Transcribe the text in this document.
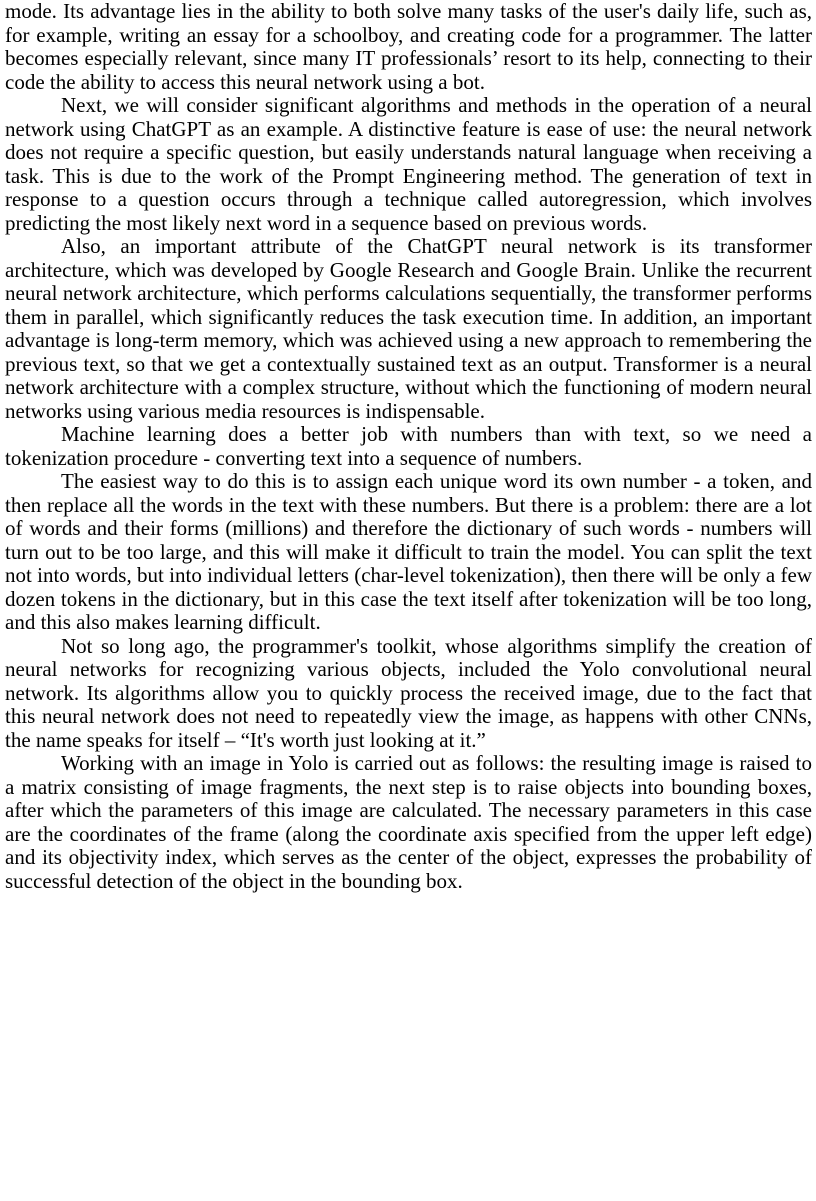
mode. Its advantage lies in the ability to both solve many tasks of the user's daily life, such as, for example, writing an essay for a schoolboy, and creating code for a programmer. The latter becomes especially relevant, since many IT professionals’ resort to its help, connecting to their code the ability to access this neural network using a bot.

Next, we will consider significant algorithms and methods in the operation of a neural network using ChatGPT as an example. A distinctive feature is ease of use: the neural network does not require a specific question, but easily understands natural language when receiving a task. This is due to the work of the Prompt Engineering method. The generation of text in response to a question occurs through a technique called autoregression, which involves predicting the most likely next word in a sequence based on previous words.

Also, an important attribute of the ChatGPT neural network is its transformer architecture, which was developed by Google Research and Google Brain. Unlike the recurrent neural network architecture, which performs calculations sequentially, the transformer performs them in parallel, which significantly reduces the task execution time. In addition, an important advantage is long-term memory, which was achieved using a new approach to remembering the previous text, so that we get a contextually sustained text as an output. Transformer is a neural network architecture with a complex structure, without which the functioning of modern neural networks using various media resources is indispensable.

Machine learning does a better job with numbers than with text, so we need a tokenization procedure - converting text into a sequence of numbers.

The easiest way to do this is to assign each unique word its own number - a token, and then replace all the words in the text with these numbers. But there is a problem: there are a lot of words and their forms (millions) and therefore the dictionary of such words - numbers will turn out to be too large, and this will make it difficult to train the model. You can split the text not into words, but into individual letters (char-level tokenization), then there will be only a few dozen tokens in the dictionary, but in this case the text itself after tokenization will be too long, and this also makes learning difficult.

Not so long ago, the programmer's toolkit, whose algorithms simplify the creation of neural networks for recognizing various objects, included the Yolo convolutional neural network. Its algorithms allow you to quickly process the received image, due to the fact that this neural network does not need to repeatedly view the image, as happens with other CNNs, the name speaks for itself – “It's worth just looking at it.”

Working with an image in Yolo is carried out as follows: the resulting image is raised to a matrix consisting of image fragments, the next step is to raise objects into bounding boxes, after which the parameters of this image are calculated. The necessary parameters in this case are the coordinates of the frame (along the coordinate axis specified from the upper left edge) and its objectivity index, which serves as the center of the object, expresses the probability of successful detection of the object in the bounding box.
